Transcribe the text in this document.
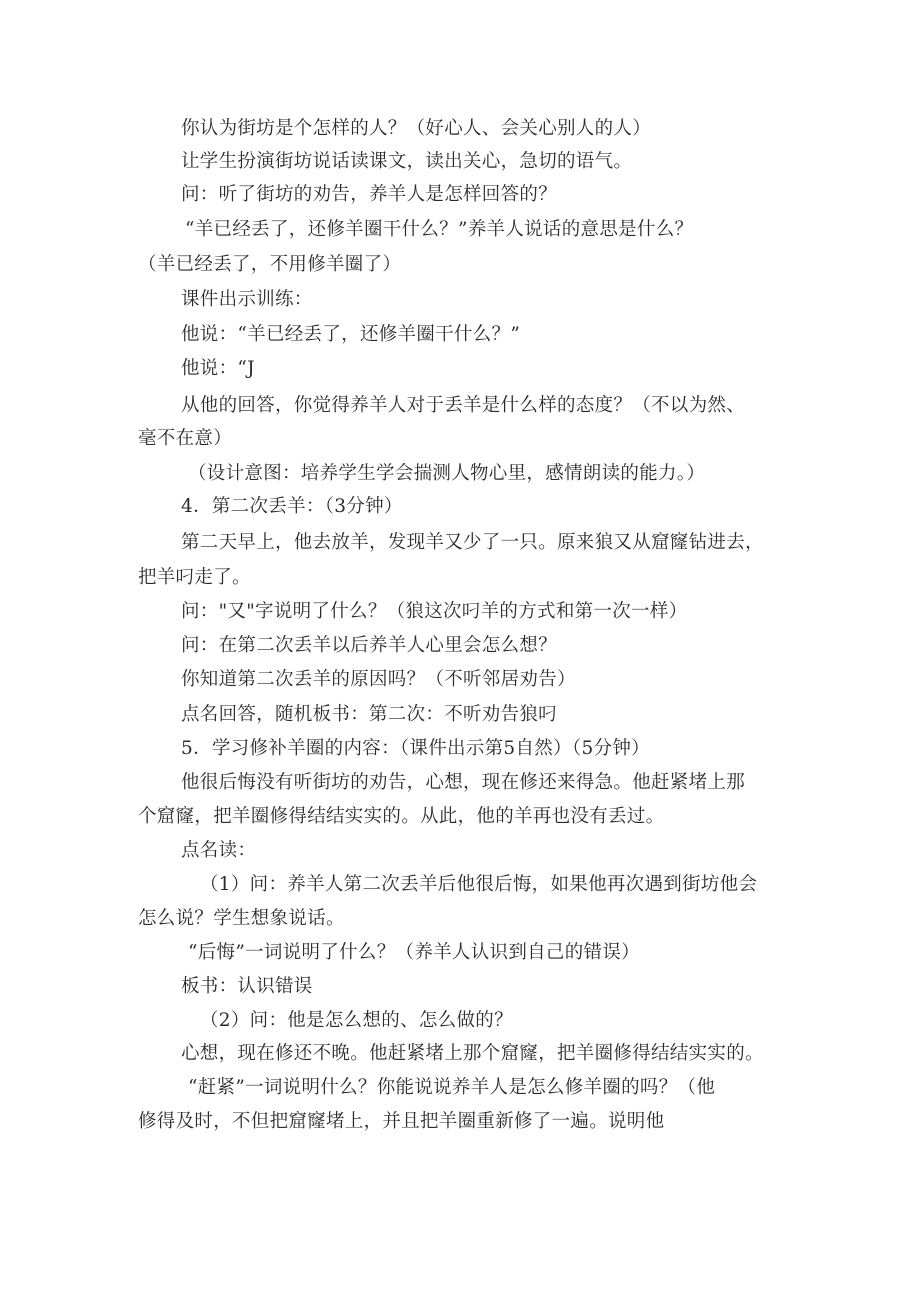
你认为街坊是个怎样的人？（好心人、会关心别人的人）
让学生扮演街坊说话读课文，读出关心，急切的语气。
问：听了街坊的劝告，养羊人是怎样回答的？
“羊已经丢了，还修羊圈干什么？”养羊人说话的意思是什么？
（羊已经丢了，不用修羊圈了）
课件出示训练：
他说：“羊已经丢了，还修羊圈干什么？”
他说：“J
从他的回答，你觉得养羊人对于丢羊是什么样的态度？（不以为然、
毫不在意）
（设计意图：培养学生学会揣测人物心里，感情朗读的能力。）
4．第二次丢羊：（3分钟）
第二天早上，他去放羊，发现羊又少了一只。原来狼又从窟窿钻进去，
把羊叼走了。
问："又"字说明了什么？（狼这次叼羊的方式和第一次一样）
问：在第二次丢羊以后养羊人心里会怎么想？
你知道第二次丢羊的原因吗？（不听邻居劝告）
点名回答，随机板书：第二次：不听劝告狼叼
5．学习修补羊圈的内容：（课件出示第5自然）（5分钟）
他很后悔没有听街坊的劝告，心想，现在修还来得急。他赶紧堵上那
个窟窿，把羊圈修得结结实实的。从此，他的羊再也没有丢过。
点名读：
（1）问：养羊人第二次丢羊后他很后悔，如果他再次遇到街坊他会
怎么说？学生想象说话。
“后悔”一词说明了什么？（养羊人认识到自己的错误）
板书：认识错误
（2）问：他是怎么想的、怎么做的？
心想，现在修还不晚。他赶紧堵上那个窟窿，把羊圈修得结结实实的。
“赶紧”一词说明什么？你能说说养羊人是怎么修羊圈的吗？（他
修得及时，不但把窟窿堵上，并且把羊圈重新修了一遍。说明他
